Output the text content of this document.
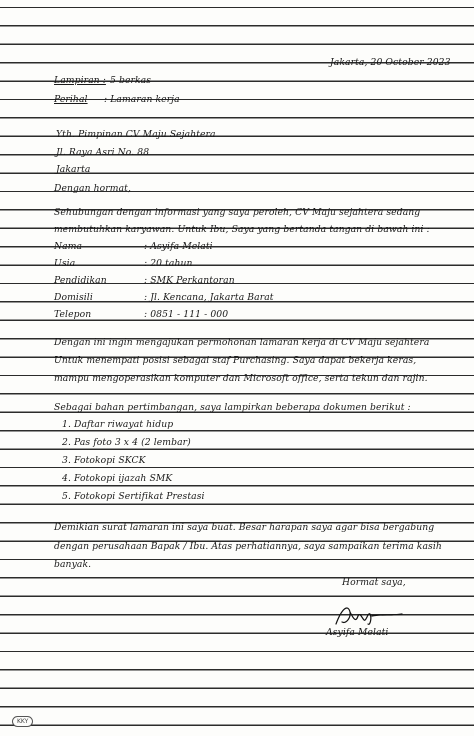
Jakarta, 20 October 2023
Lampiran : 5 berkas
Perihal : Lamaran kerja
Yth. Pimpinan CV Maju Sejahtera
Jl. Raya Asri No. 88
Jakarta
Dengan hormat,
Sehubungan dengan informasi yang saya peroleh, CV Maju sejahtera sedang
membutuhkan karyawan. Untuk Ibu, Saya yang bertanda tangan di bawah ini :
Nama	: Asyifa Melati
Usia	: 20 tahun
Pendidikan	: SMK Perkantoran
Domisili	: Jl. Kencana, Jakarta Barat
Telepon	: 0851 - 111 - 000
Dengan ini ingin mengajukan permohonan lamaran kerja di CV Maju sejahtera
Untuk menempati posisi sebagai staf Purchasing. Saya dapat bekerja keras,
mampu mengoperasikan komputer dan Microsoft office, serta tekun dan rajin.
Sebagai bahan pertimbangan, saya lampirkan beberapa dokumen berikut :
1. Daftar riwayat hidup
2. Pas foto 3 x 4 (2 lembar)
3. Fotokopi SKCK
4. Fotokopi ijazah SMK
5. Fotokopi Sertifikat Prestasi
Demikian surat lamaran ini saya buat. Besar harapan saya agar bisa bergabung
dengan perusahaan Bapak / Ibu. Atas perhatiannya, saya sampaikan terima kasih
banyak.
Hormat saya,
Asyifa Melati
KKY
